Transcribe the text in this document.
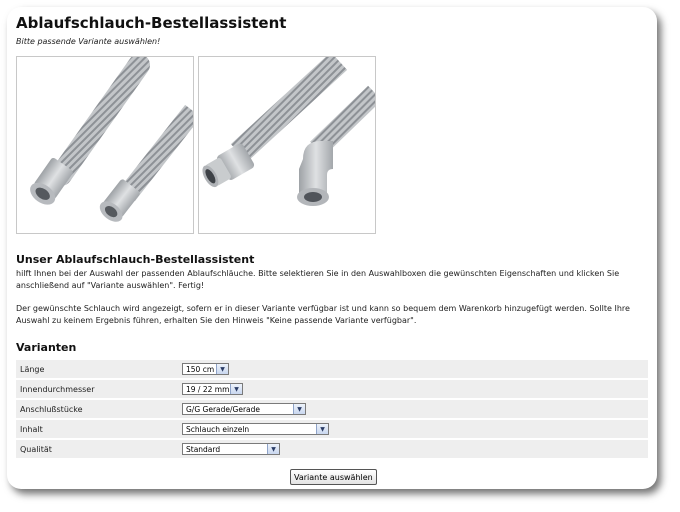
Ablaufschlauch-Bestellassistent
Bitte passende Variante auswählen!
Unser Ablaufschlauch-Bestellassistent
hilft Ihnen bei der Auswahl der passenden Ablaufschläuche. Bitte selektieren Sie in den Auswahlboxen die gewünschten Eigenschaften und klicken Sie anschließend auf "Variante auswählen". Fertig!
Der gewünschte Schlauch wird angezeigt, sofern er in dieser Variante verfügbar ist und kann so bequem dem Warenkorb hinzugefügt werden. Sollte Ihre Auswahl zu keinem Ergebnis führen, erhalten Sie den Hinweis "Keine passende Variante verfügbar".
Varianten
Länge	150 cm ▼

Innendurchmesser	19 / 22 mm ▼

Anschlußstücke	G/G Gerade/Gerade ▼

Inhalt	Schlauch einzeln ▼

Qualität	Standard ▼
Variante auswählen
